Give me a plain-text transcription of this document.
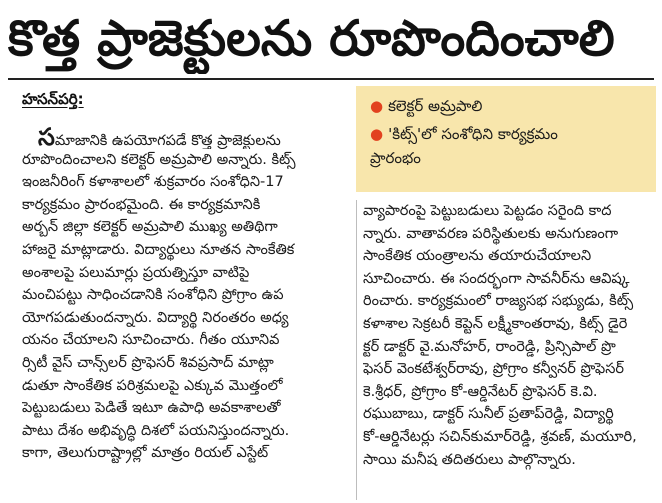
కొత్త ప్రాజెక్టులను రూపొందించాలి
హసన్‌పర్తి:	● కలెక్టర్ అమ్రపాలి
● 'కిట్స్'లో సంశోధిని కార్యక్రమం
ప్రారంభం
సమాజానికి ఉపయోగపడే కొత్త ప్రాజెక్టులను
రూపొందించాలని కలెక్టర్ అమ్రపాలి అన్నారు. కిట్స్
ఇంజనీరింగ్ కళాశాలలో శుక్రవారం సంశోధిని-17
కార్యక్రమం ప్రారంభమైంది. ఈ కార్యక్రమానికి
అర్బన్ జిల్లా కలెక్టర్ అమ్రపాలి ముఖ్య అతిథిగా
హాజరై మాట్లాడారు. విద్యార్థులు నూతన సాంకేతిక
అంశాలపై పలుమార్లు ప్రయత్నిస్తూ వాటిపై
మంచిపట్టు సాధించడానికి సంశోధిని ప్రోగ్రాం ఉప
యోగపడుతుందన్నారు. విద్యార్థి నిరంతరం అధ్య
యనం చేయాలని సూచించారు. గీతం యూనివ
ర్సిటీ వైస్ చాన్స్‌లర్ ప్రొఫెసర్ శివప్రసాద్ మాట్లా
డుతూ సాంకేతిక పరిశ్రమలపై ఎక్కువ మొత్తంలో
పెట్టుబడులు పెడితే ఇటూ ఉపాధి అవకాశాలతో
పాటు దేశం అభివృద్ధి దిశలో పయనిస్తుందన్నారు.
కాగా, తెలుగురాష్ట్రాల్లో మాత్రం రియల్ ఎస్టేట్
వ్యాపారంపై పెట్టుబడులు పెట్టడం సరైంది కాద
న్నారు. వాతావరణ పరిస్థితులకు అనుగుణంగా
సాంకేతిక యంత్రాలను తయారుచేయాలని
సూచించారు. ఈ సందర్భంగా సావనీర్‌ను ఆవిష్క
రించారు. కార్యక్రమంలో రాజ్యసభ సభ్యుడు, కిట్స్
కళాశాల సెక్రటరీ కెప్టెన్ లక్ష్మీకాంతరావు, కిట్స్ డైరె
క్టర్ డాక్టర్ వై.మనోహర్, రాంరెడ్డి, ప్రిన్సిపాల్ ప్రొ
ఫెసర్ వెంకటేశ్వర్‌రావు, ప్రోగ్రాం కన్వీనర్ ప్రొఫెసర్
కె.శ్రీధర్, ప్రోగ్రాం కో-ఆర్డినేటర్ ప్రొఫెసర్ కె.వి.
రఘుబాబు, డాక్టర్ సునీల్ ప్రతాప్‌రెడ్డి, విద్యార్థి
కో-ఆర్డినేటర్లు సచిన్‌కుమార్‌రెడ్డి, శ్రవణ్, మయూరి,
సాయి మనీష తదితరులు పాల్గొన్నారు.
